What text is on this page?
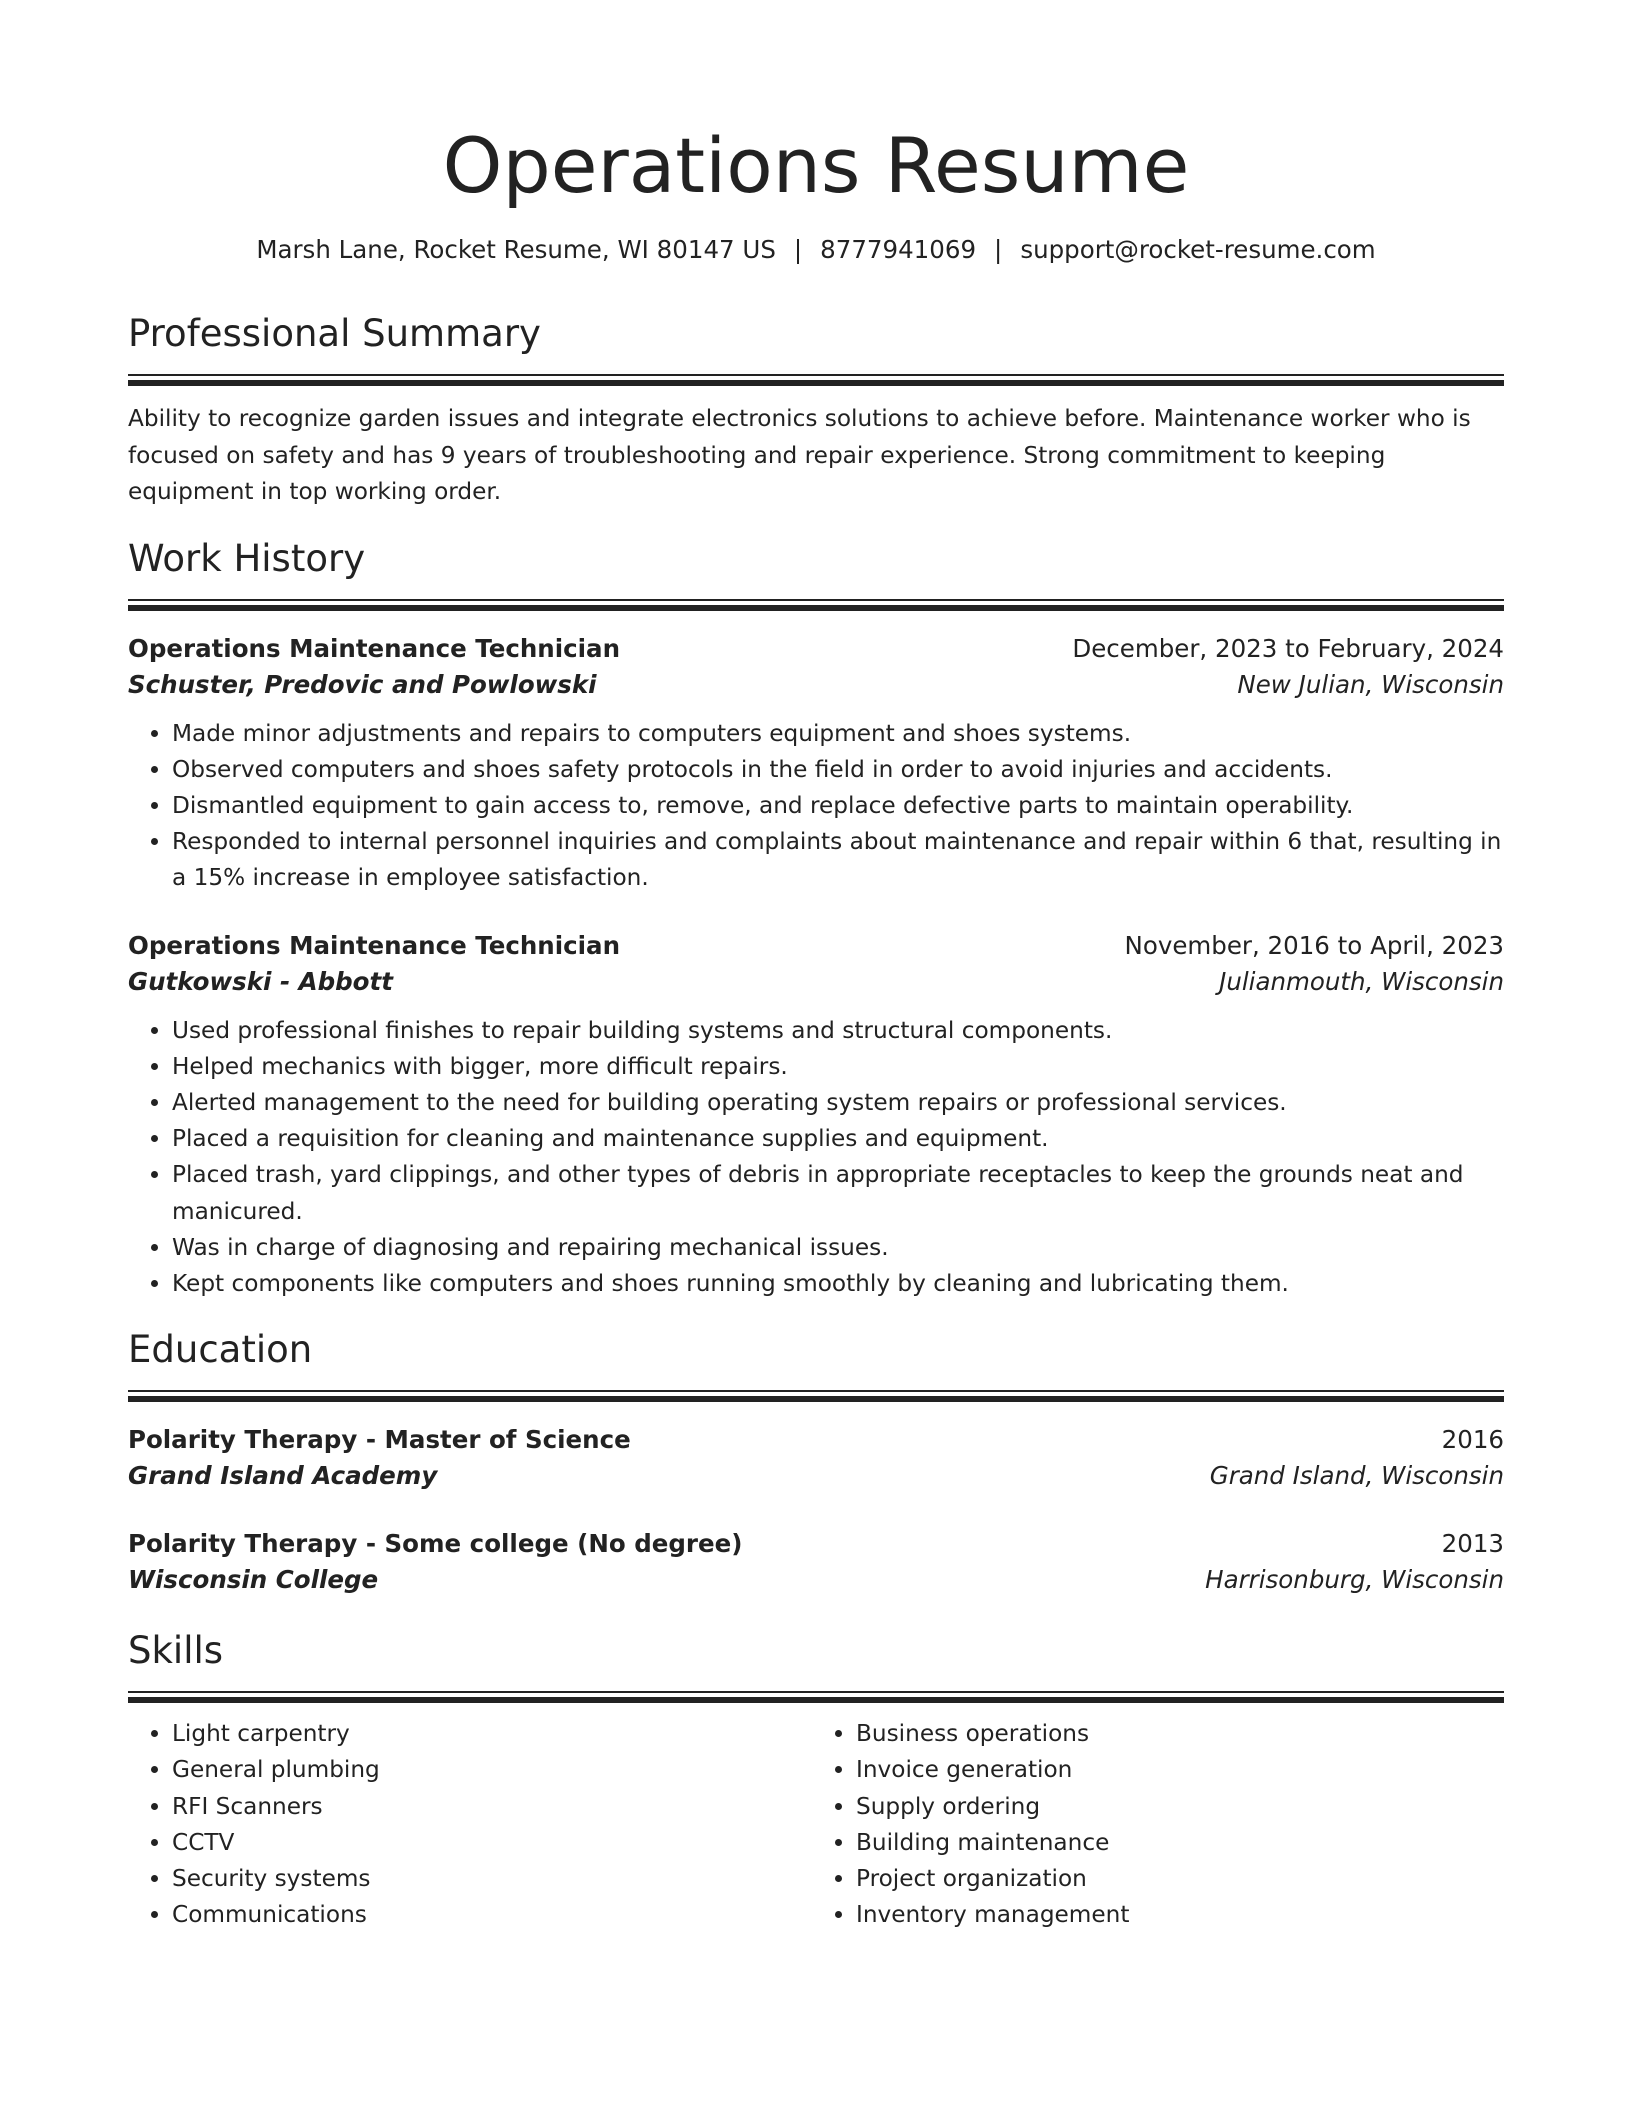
Operations Resume
Marsh Lane, Rocket Resume, WI 80147 US | 8777941069 | support@rocket-resume.com
Professional Summary
Ability to recognize garden issues and integrate electronics solutions to achieve before. Maintenance worker who is focused on safety and has 9 years of troubleshooting and repair experience. Strong commitment to keeping equipment in top working order.
Work History
Operations Maintenance Technician	December, 2023 to February, 2024
Schuster, Predovic and Powlowski	New Julian, Wisconsin
• Made minor adjustments and repairs to computers equipment and shoes systems.
• Observed computers and shoes safety protocols in the field in order to avoid injuries and accidents.
• Dismantled equipment to gain access to, remove, and replace defective parts to maintain operability.
• Responded to internal personnel inquiries and complaints about maintenance and repair within 6 that, resulting in a 15% increase in employee satisfaction.
Operations Maintenance Technician	November, 2016 to April, 2023
Gutkowski - Abbott	Julianmouth, Wisconsin
• Used professional finishes to repair building systems and structural components.
• Helped mechanics with bigger, more difficult repairs.
• Alerted management to the need for building operating system repairs or professional services.
• Placed a requisition for cleaning and maintenance supplies and equipment.
• Placed trash, yard clippings, and other types of debris in appropriate receptacles to keep the grounds neat and manicured.
• Was in charge of diagnosing and repairing mechanical issues.
• Kept components like computers and shoes running smoothly by cleaning and lubricating them.
Education
Polarity Therapy - Master of Science	2016
Grand Island Academy	Grand Island, Wisconsin
Polarity Therapy - Some college (No degree)	2013
Wisconsin College	Harrisonburg, Wisconsin
Skills
• Light carpentry
• General plumbing
• RFI Scanners
• CCTV
• Security systems
• Communications
• Business operations
• Invoice generation
• Supply ordering
• Building maintenance
• Project organization
• Inventory management
